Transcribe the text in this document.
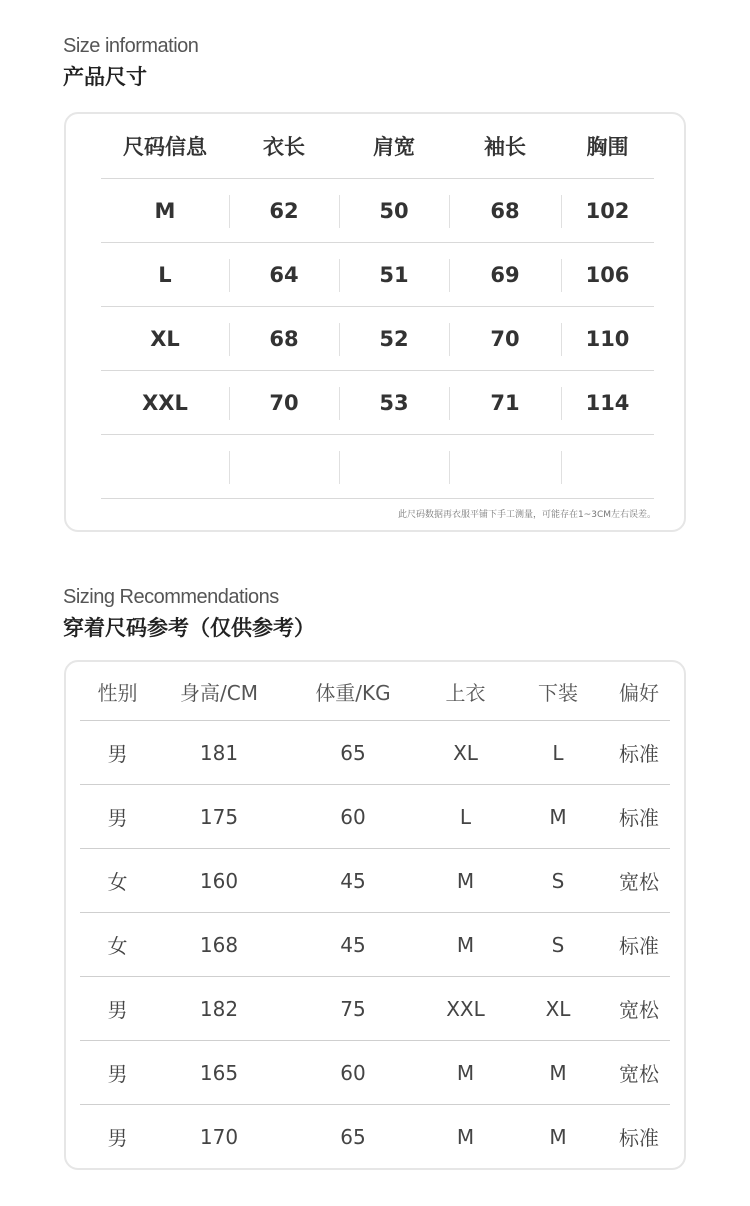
Size information
产品尺寸
尺码信息	衣长	肩宽	袖长	胸围
M	62	50	68	102
L	64	51	69	106
XL	68	52	70	110
XXL	70	53	71	114

此尺码数据再衣服平铺下手工测量，可能存在1~3CM左右误差。

Sizing Recommendations
穿着尺码参考（仅供参考）
性别	身高/CM	体重/KG	上衣	下装	偏好
男	181	65	XL	L	标准
男	175	60	L	M	标准
女	160	45	M	S	宽松
女	168	45	M	S	标准
男	182	75	XXL	XL	宽松
男	165	60	M	M	宽松
男	170	65	M	M	标准
